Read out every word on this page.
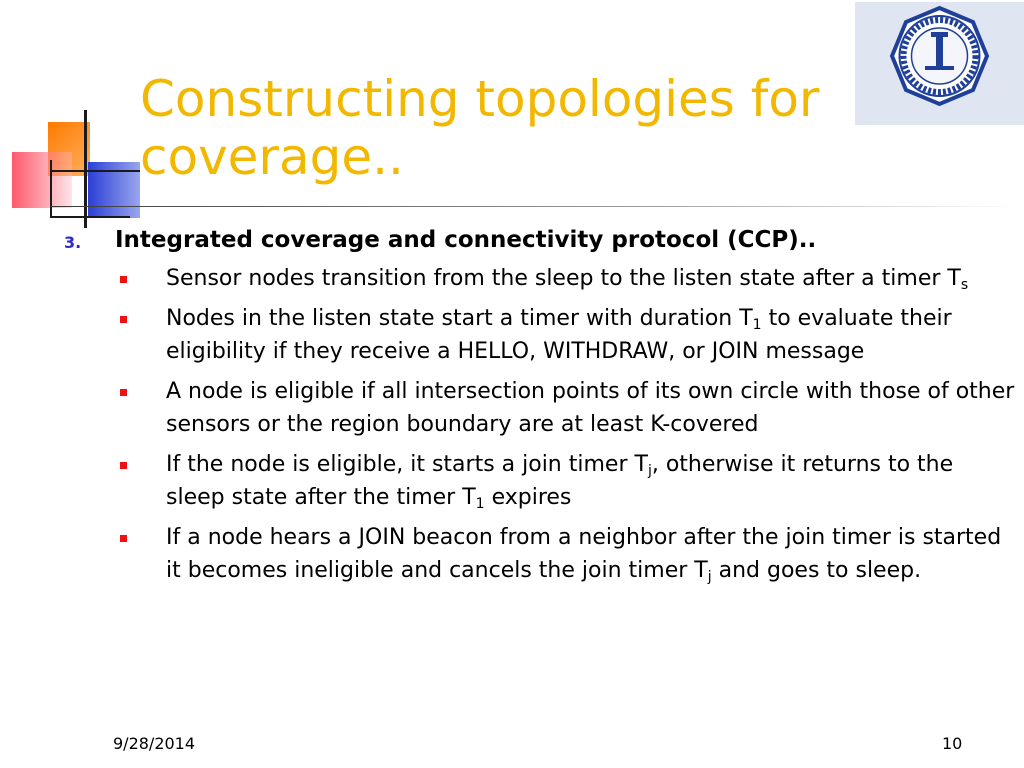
Constructing topologies for
coverage..
3. Integrated coverage and connectivity protocol (CCP)..
Sensor nodes transition from the sleep to the listen state after a timer $T_s$
Nodes in the listen state start a timer with duration $T_1$ to evaluate their eligibility if they receive a HELLO, WITHDRAW, or JOIN message
A node is eligible if all intersection points of its own circle with those of other sensors or the region boundary are at least K-covered
If the node is eligible, it starts a join timer $T_j$, otherwise it returns to the sleep state after the timer $T_1$ expires
If a node hears a JOIN beacon from a neighbor after the join timer is started it becomes ineligible and cancels the join timer $T_j$ and goes to sleep.
9/28/2014	10
